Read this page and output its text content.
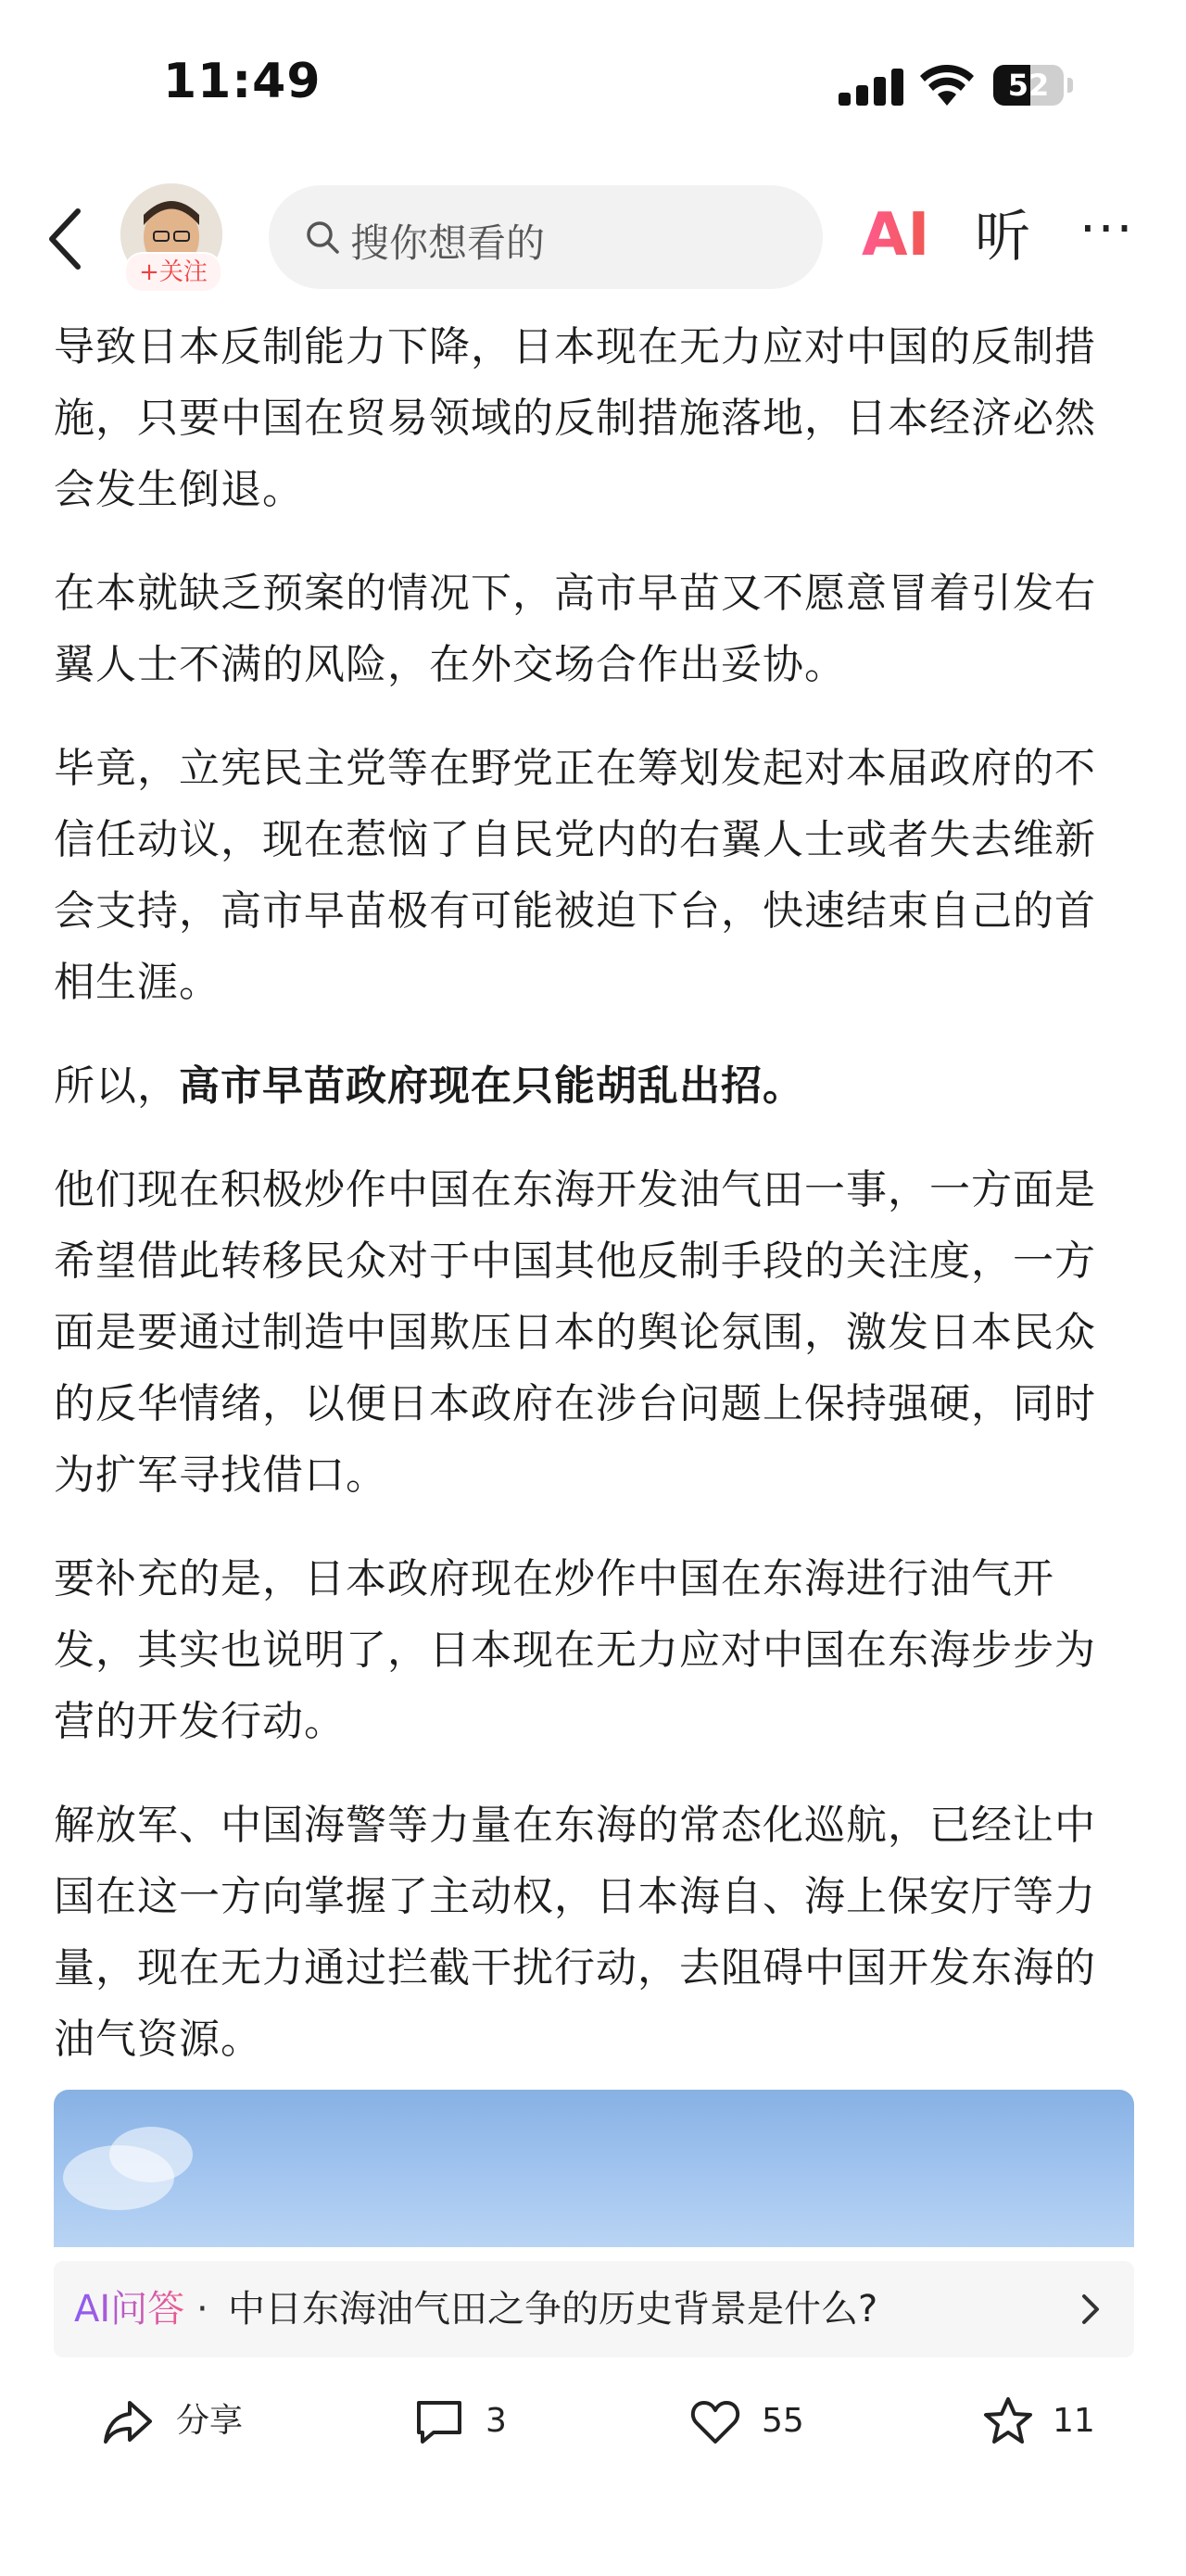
11:49	52
+关注
搜你想看的	AI 听 ···

导致日本反制能力下降，日本现在无力应对中国的反制措施，只要中国在贸易领域的反制措施落地，日本经济必然会发生倒退。

在本就缺乏预案的情况下，高市早苗又不愿意冒着引发右翼人士不满的风险，在外交场合作出妥协。

毕竟，立宪民主党等在野党正在筹划发起对本届政府的不信任动议，现在惹恼了自民党内的右翼人士或者失去维新会支持，高市早苗极有可能被迫下台，快速结束自己的首相生涯。

所以，高市早苗政府现在只能胡乱出招。

他们现在积极炒作中国在东海开发油气田一事，一方面是希望借此转移民众对于中国其他反制手段的关注度，一方面是要通过制造中国欺压日本的舆论氛围，激发日本民众的反华情绪，以便日本政府在涉台问题上保持强硬，同时为扩军寻找借口。

要补充的是，日本政府现在炒作中国在东海进行油气开发，其实也说明了，日本现在无力应对中国在东海步步为营的开发行动。

解放军、中国海警等力量在东海的常态化巡航，已经让中国在这一方向掌握了主动权，日本海自、海上保安厅等力量，现在无力通过拦截干扰行动，去阻碍中国开发东海的油气资源。

AI问答 · 中日东海油气田之争的历史背景是什么?
分享	3	55	11
